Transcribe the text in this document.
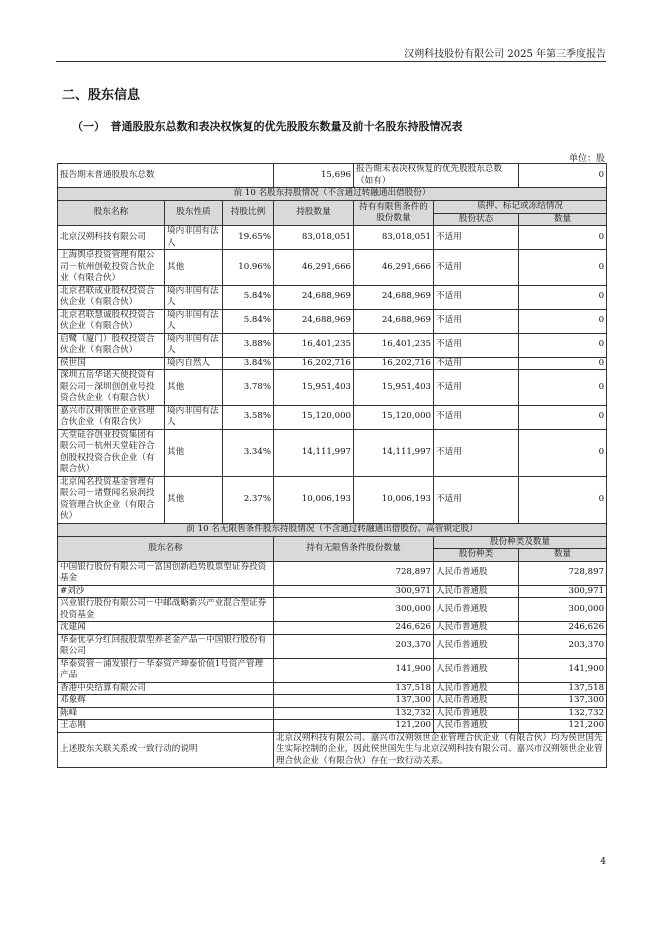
汉朔科技股份有限公司 2025 年第三季度报告
二、股东信息
（一）　普通股股东总数和表决权恢复的优先股股东数量及前十名股东持股情况表
单位：股
报告期末普通股股东总数			15,696	报告期末表决权恢复的优先股股东总数（如有）		0
前 10 名股东持股情况（不含通过转融通出借股份）						
股东名称	股东性质	持股比例	持股数量	持有有限售条件的股份数量	质押、标记或冻结情况	
					股份状态	数量
北京汉朔科技有限公司	境内非国有法人	19.65%	83,018,051	83,018,051	不适用	0
上海舆卓投资管理有限公司－杭州创乾投资合伙企业（有限合伙）	其他	10.96%	46,291,666	46,291,666	不适用	0
北京君联成业股权投资合伙企业（有限合伙）	境内非国有法人	5.84%	24,688,969	24,688,969	不适用	0
北京君联慧诚股权投资合伙企业（有限合伙）	境内非国有法人	5.84%	24,688,969	24,688,969	不适用	0
启鹭（厦门）股权投资合伙企业（有限合伙）	境内非国有法人	3.88%	16,401,235	16,401,235	不适用	0
侯世国	境内自然人	3.84%	16,202,716	16,202,716	不适用	0
深圳五岳华诺天使投资有限公司－深圳创创业号投资合伙企业（有限合伙）	其他	3.78%	15,951,403	15,951,403	不适用	0
嘉兴市汉朔领世企业管理合伙企业（有限合伙）	境内非国有法人	3.58%	15,120,000	15,120,000	不适用	0
天堂硅谷创业投资集团有限公司－杭州天堂硅谷合创股权投资合伙企业（有限合伙）	其他	3.34%	14,111,997	14,111,997	不适用	0
北京闻名投资基金管理有限公司－诸暨闻名泉润投资管理合伙企业（有限合伙）	其他	2.37%	10,006,193	10,006,193	不适用	0
前 10 名无限售条件股东持股情况（不含通过转融通出借股份、高管锁定股）						
股东名称			持有无限售条件股份数量		股份种类及数量	
					股份种类	数量
中国银行股份有限公司－富国创新趋势股票型证券投资基金			728,897		人民币普通股	728,897
#刘沙			300,971		人民币普通股	300,971
兴业银行股份有限公司－中邮战略新兴产业混合型证券投资基金			300,000		人民币普通股	300,000
沈建闻			246,626		人民币普通股	246,626
华泰优享分红回报股票型养老金产品－中国银行股份有限公司			203,370		人民币普通股	203,370
华泰资管－浦发银行－华泰资产坤泰价值1号资产管理产品			141,900		人民币普通股	141,900
香港中央结算有限公司			137,518		人民币普通股	137,518
邓象辉			137,300		人民币普通股	137,300
陈峰			132,732		人民币普通股	132,732
王志刚			121,200		人民币普通股	121,200
上述股东关联关系或一致行动的说明			北京汉朔科技有限公司、嘉兴市汉朔领世企业管理合伙企业（有限合伙）均为侯世国先生实际控制的企业，因此侯世国先生与北京汉朔科技有限公司、嘉兴市汉朔领世企业管理合伙企业（有限合伙）存在一致行动关系。			
4
